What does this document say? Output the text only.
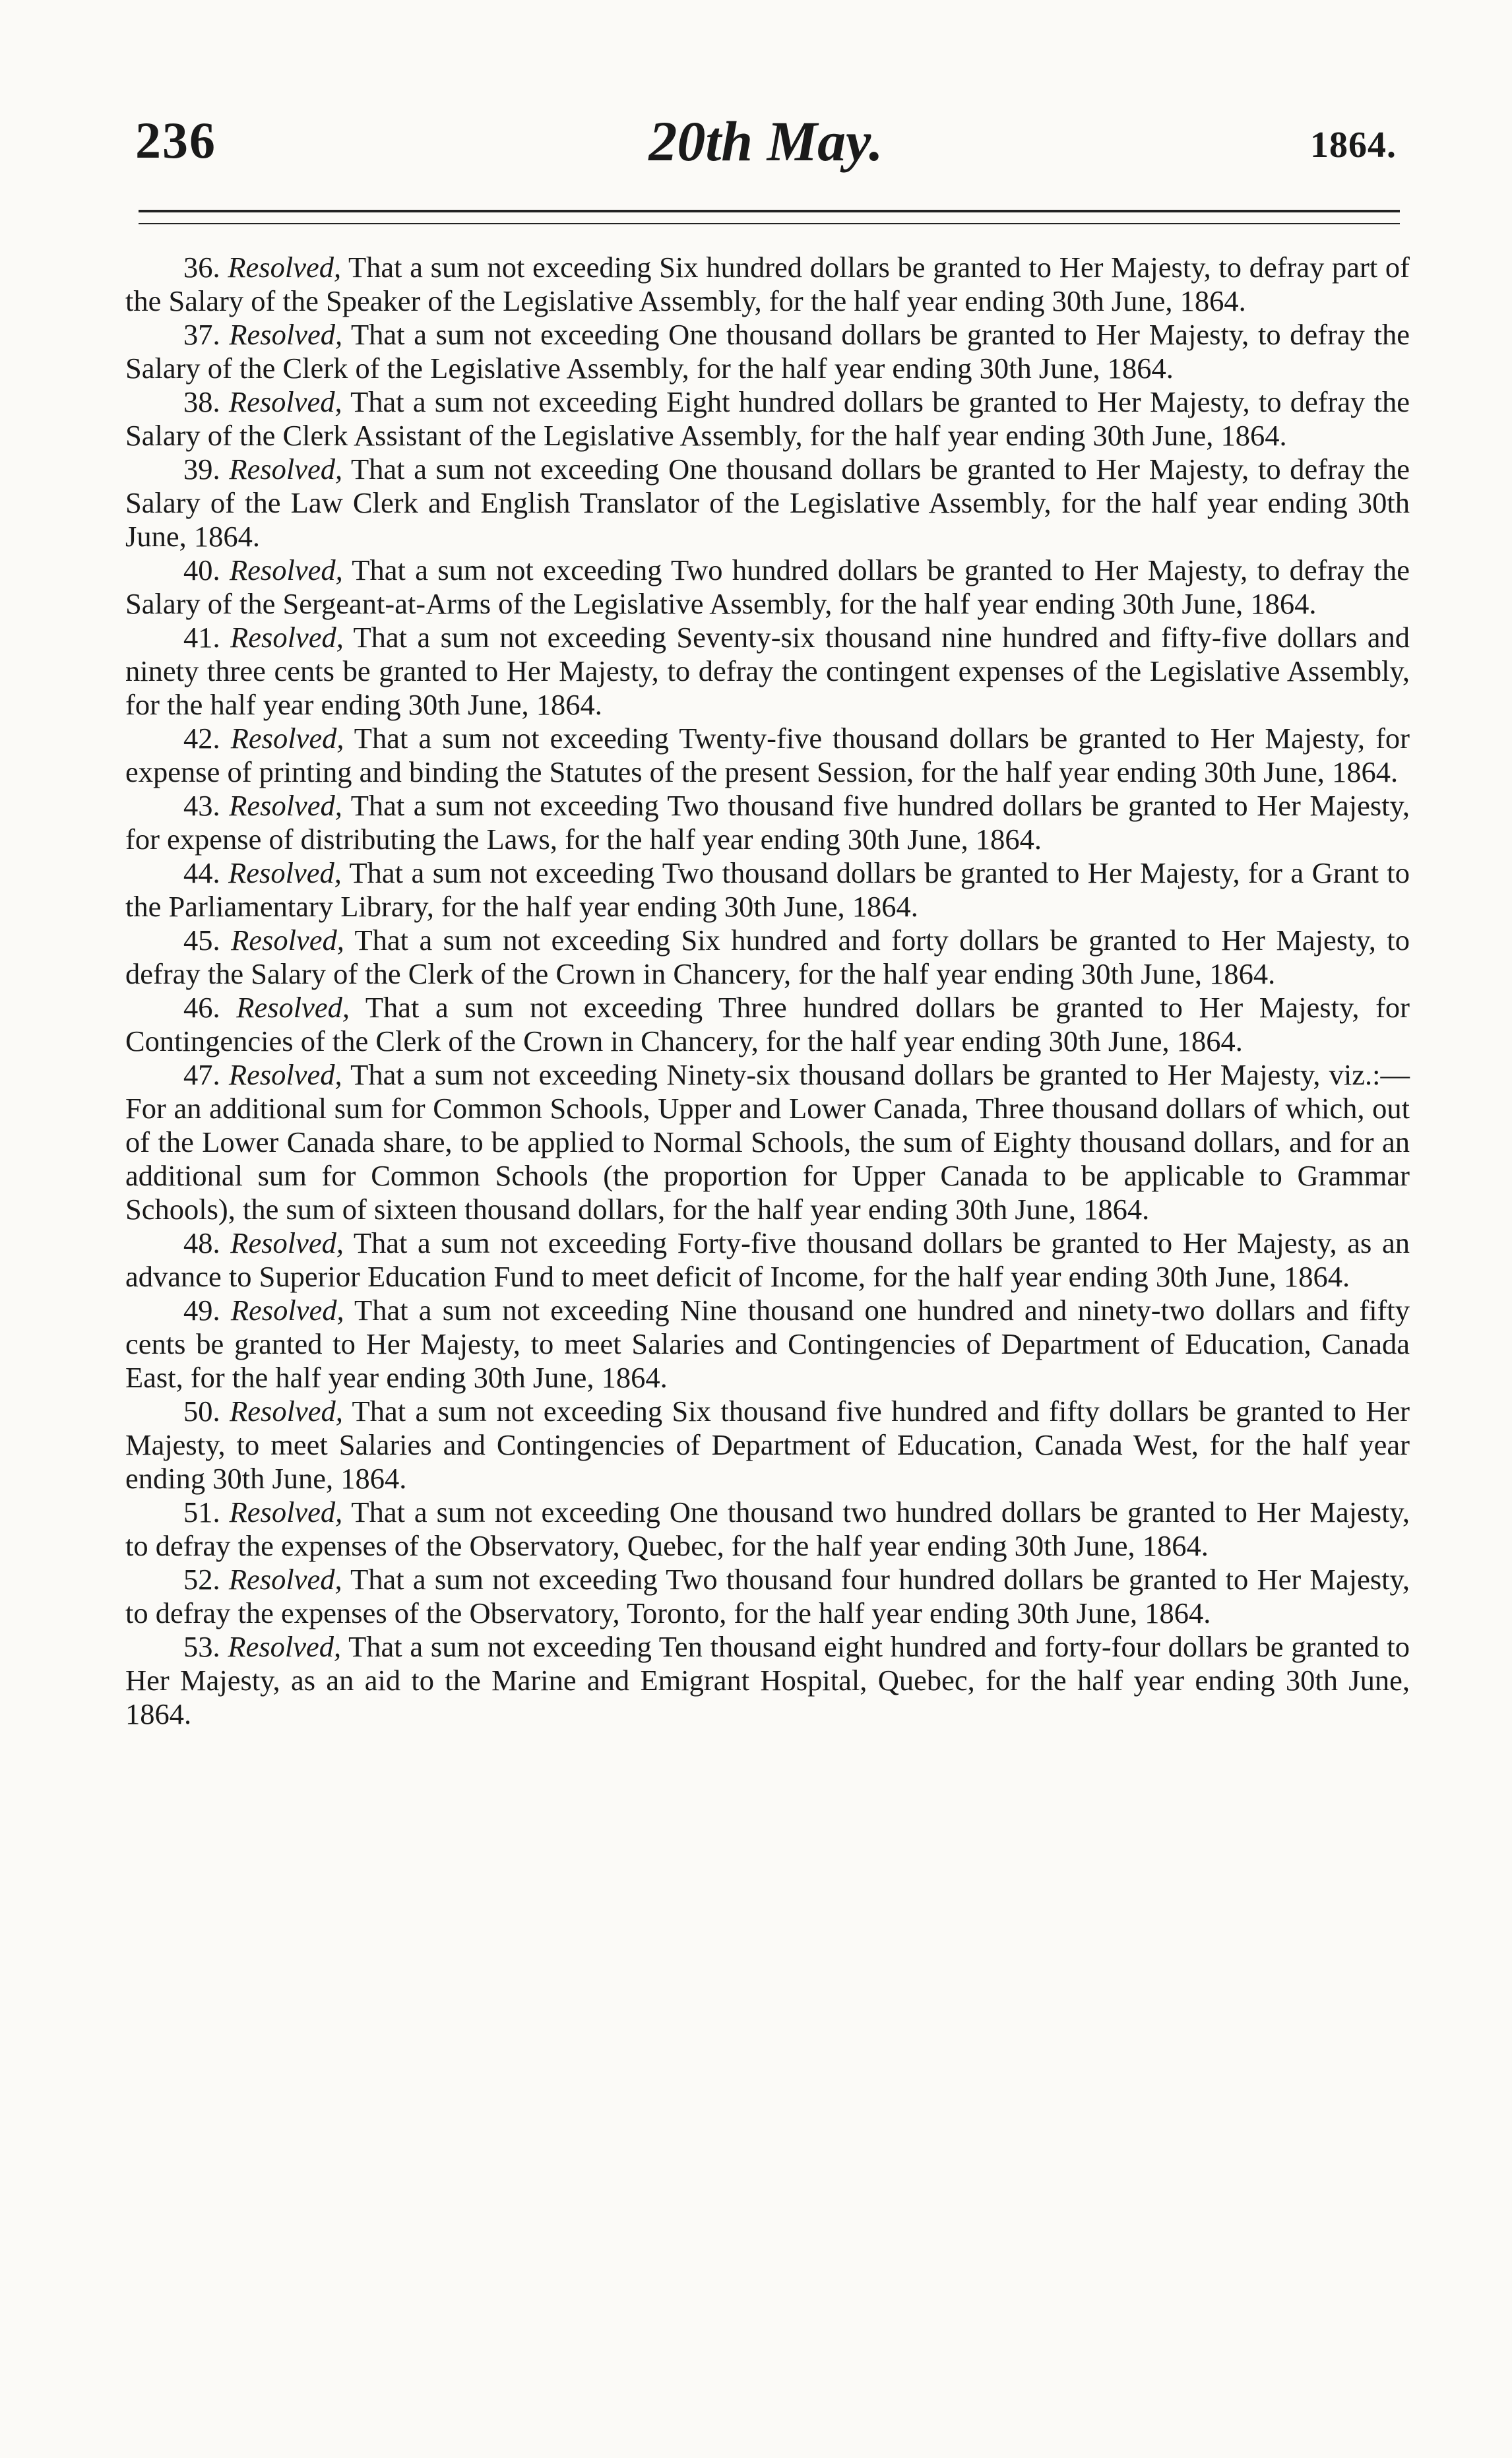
236	20th May.	1864.

36. Resolved, That a sum not exceeding Six hundred dollars be granted to Her Majesty, to defray part of the Salary of the Speaker of the Legislative Assembly, for the half year ending 30th June, 1864.

37. Resolved, That a sum not exceeding One thousand dollars be granted to Her Majesty, to defray the Salary of the Clerk of the Legislative Assembly, for the half year ending 30th June, 1864.

38. Resolved, That a sum not exceeding Eight hundred dollars be granted to Her Majesty, to defray the Salary of the Clerk Assistant of the Legislative Assembly, for the half year ending 30th June, 1864.

39. Resolved, That a sum not exceeding One thousand dollars be granted to Her Majesty, to defray the Salary of the Law Clerk and English Translator of the Legislative Assembly, for the half year ending 30th June, 1864.

40. Resolved, That a sum not exceeding Two hundred dollars be granted to Her Majesty, to defray the Salary of the Sergeant-at-Arms of the Legislative Assembly, for the half year ending 30th June, 1864.

41. Resolved, That a sum not exceeding Seventy-six thousand nine hundred and fifty-five dollars and ninety three cents be granted to Her Majesty, to defray the contingent expenses of the Legislative Assembly, for the half year ending 30th June, 1864.

42. Resolved, That a sum not exceeding Twenty-five thousand dollars be granted to Her Majesty, for expense of printing and binding the Statutes of the present Session, for the half year ending 30th June, 1864.

43. Resolved, That a sum not exceeding Two thousand five hundred dollars be granted to Her Majesty, for expense of distributing the Laws, for the half year ending 30th June, 1864.

44. Resolved, That a sum not exceeding Two thousand dollars be granted to Her Majesty, for a Grant to the Parliamentary Library, for the half year ending 30th June, 1864.

45. Resolved, That a sum not exceeding Six hundred and forty dollars be granted to Her Majesty, to defray the Salary of the Clerk of the Crown in Chancery, for the half year ending 30th June, 1864.

46. Resolved, That a sum not exceeding Three hundred dollars be granted to Her Majesty, for Contingencies of the Clerk of the Crown in Chancery, for the half year ending 30th June, 1864.

47. Resolved, That a sum not exceeding Ninety-six thousand dollars be granted to Her Majesty, viz.:—For an additional sum for Common Schools, Upper and Lower Canada, Three thousand dollars of which, out of the Lower Canada share, to be applied to Normal Schools, the sum of Eighty thousand dollars, and for an additional sum for Common Schools (the proportion for Upper Canada to be applicable to Grammar Schools), the sum of sixteen thousand dollars, for the half year ending 30th June, 1864.

48. Resolved, That a sum not exceeding Forty-five thousand dollars be granted to Her Majesty, as an advance to Superior Education Fund to meet deficit of Income, for the half year ending 30th June, 1864.

49. Resolved, That a sum not exceeding Nine thousand one hundred and ninety-two dollars and fifty cents be granted to Her Majesty, to meet Salaries and Contingencies of Department of Education, Canada East, for the half year ending 30th June, 1864.

50. Resolved, That a sum not exceeding Six thousand five hundred and fifty dollars be granted to Her Majesty, to meet Salaries and Contingencies of Department of Education, Canada West, for the half year ending 30th June, 1864.

51. Resolved, That a sum not exceeding One thousand two hundred dollars be granted to Her Majesty, to defray the expenses of the Observatory, Quebec, for the half year ending 30th June, 1864.

52. Resolved, That a sum not exceeding Two thousand four hundred dollars be granted to Her Majesty, to defray the expenses of the Observatory, Toronto, for the half year ending 30th June, 1864.

53. Resolved, That a sum not exceeding Ten thousand eight hundred and forty-four dollars be granted to Her Majesty, as an aid to the Marine and Emigrant Hospital, Quebec, for the half year ending 30th June, 1864.
